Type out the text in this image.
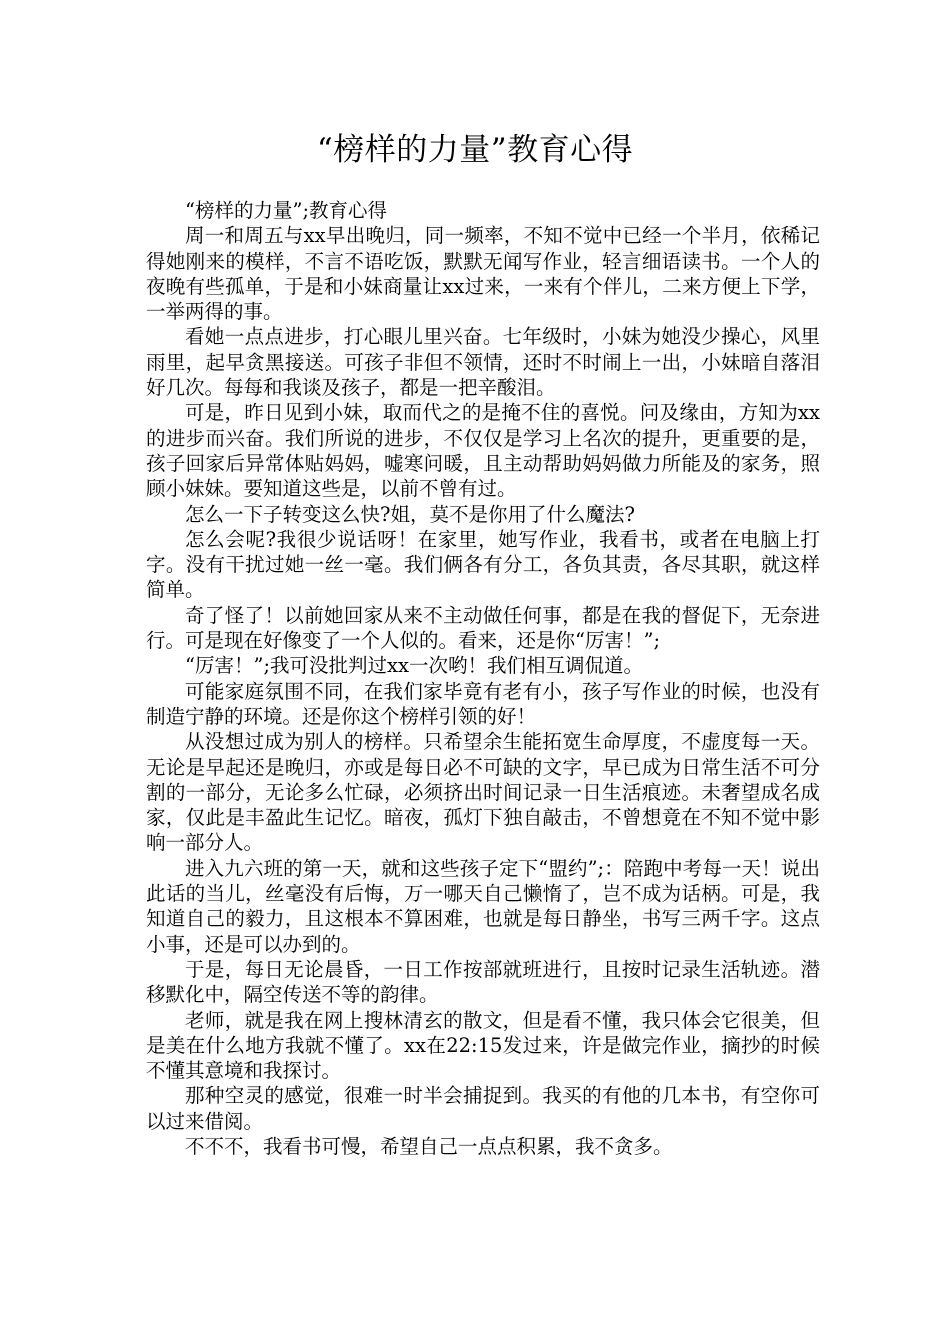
“榜样的力量”教育心得

“榜样的力量”;教育心得

周一和周五与xx早出晚归，同一频率，不知不觉中已经一个半月，依稀记得她刚来的模样，不言不语吃饭，默默无闻写作业，轻言细语读书。一个人的夜晚有些孤单，于是和小妹商量让xx过来，一来有个伴儿，二来方便上下学，一举两得的事。

看她一点点进步，打心眼儿里兴奋。七年级时，小妹为她没少操心，风里雨里，起早贪黑接送。可孩子非但不领情，还时不时闹上一出，小妹暗自落泪好几次。每每和我谈及孩子，都是一把辛酸泪。

可是，昨日见到小妹，取而代之的是掩不住的喜悦。问及缘由，方知为xx的进步而兴奋。我们所说的进步，不仅仅是学习上名次的提升，更重要的是，孩子回家后异常体贴妈妈，嘘寒问暖，且主动帮助妈妈做力所能及的家务，照顾小妹妹。要知道这些是，以前不曾有过。

怎么一下子转变这么快?姐，莫不是你用了什么魔法?

怎么会呢?我很少说话呀！在家里，她写作业，我看书，或者在电脑上打字。没有干扰过她一丝一毫。我们俩各有分工，各负其责，各尽其职，就这样简单。

奇了怪了！以前她回家从来不主动做任何事，都是在我的督促下，无奈进行。可是现在好像变了一个人似的。看来，还是你“厉害！”;

“厉害！”;我可没批判过xx一次哟！我们相互调侃道。

可能家庭氛围不同，在我们家毕竟有老有小，孩子写作业的时候，也没有制造宁静的环境。还是你这个榜样引领的好！

从没想过成为别人的榜样。只希望余生能拓宽生命厚度，不虚度每一天。无论是早起还是晚归，亦或是每日必不可缺的文字，早已成为日常生活不可分割的一部分，无论多么忙碌，必须挤出时间记录一日生活痕迹。未奢望成名成家，仅此是丰盈此生记忆。暗夜，孤灯下独自敲击，不曾想竟在不知不觉中影响一部分人。

进入九六班的第一天，就和这些孩子定下“盟约”;：陪跑中考每一天！说出此话的当儿，丝毫没有后悔，万一哪天自己懒惰了，岂不成为话柄。可是，我知道自己的毅力，且这根本不算困难，也就是每日静坐，书写三两千字。这点小事，还是可以办到的。

于是，每日无论晨昏，一日工作按部就班进行，且按时记录生活轨迹。潜移默化中，隔空传送不等的韵律。

老师，就是我在网上搜林清玄的散文，但是看不懂，我只体会它很美，但是美在什么地方我就不懂了。xx在22:15发过来，许是做完作业，摘抄的时候不懂其意境和我探讨。

那种空灵的感觉，很难一时半会捕捉到。我买的有他的几本书，有空你可以过来借阅。

不不不，我看书可慢，希望自己一点点积累，我不贪多。
